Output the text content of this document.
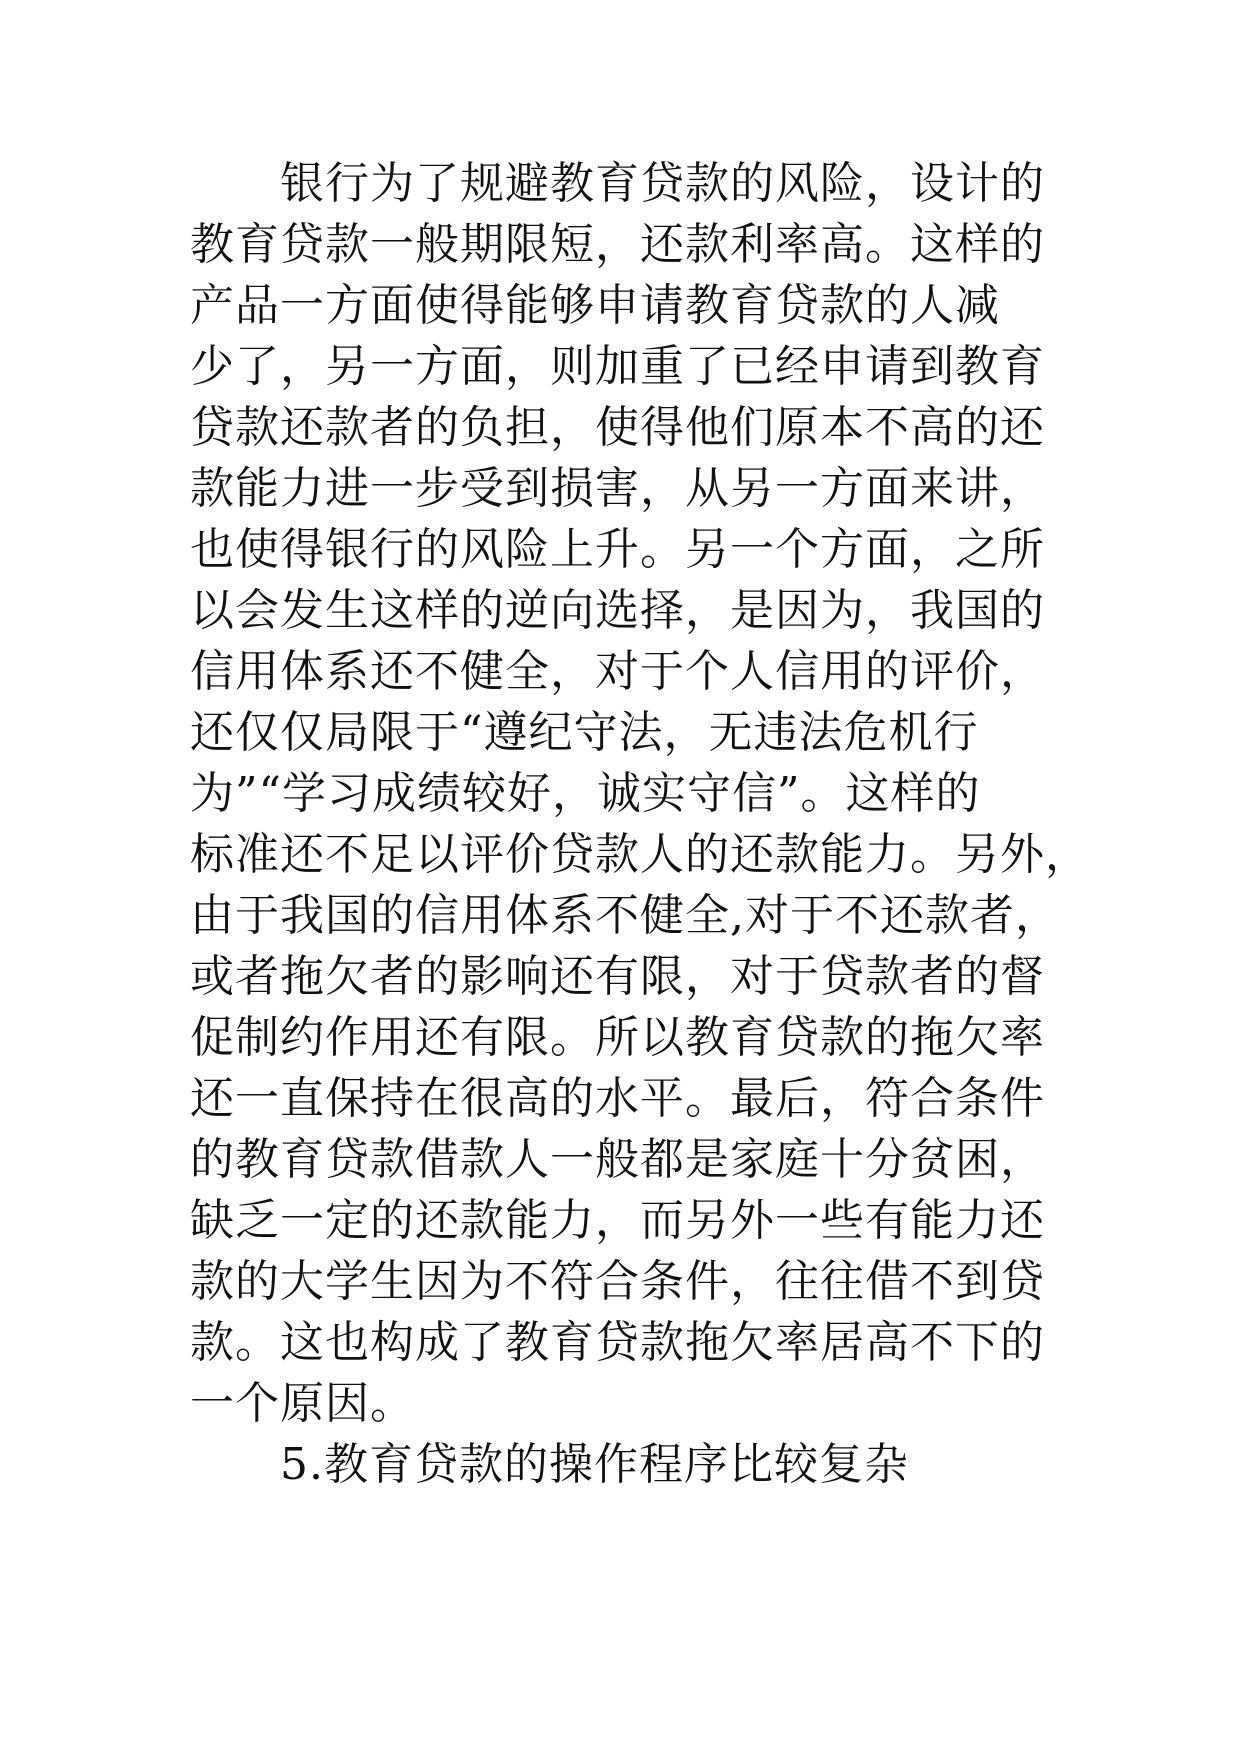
银行为了规避教育贷款的风险，设计的
教育贷款一般期限短，还款利率高。这样的
产品一方面使得能够申请教育贷款的人减
少了，另一方面，则加重了已经申请到教育
贷款还款者的负担，使得他们原本不高的还
款能力进一步受到损害，从另一方面来讲，
也使得银行的风险上升。另一个方面，之所
以会发生这样的逆向选择，是因为，我国的
信用体系还不健全，对于个人信用的评价，
还仅仅局限于“遵纪守法，无违法危机行
为”“学习成绩较好，诚实守信”。这样的
标准还不足以评价贷款人的还款能力。另外，
由于我国的信用体系不健全,对于不还款者，
或者拖欠者的影响还有限，对于贷款者的督
促制约作用还有限。所以教育贷款的拖欠率
还一直保持在很高的水平。最后，符合条件
的教育贷款借款人一般都是家庭十分贫困，
缺乏一定的还款能力，而另外一些有能力还
款的大学生因为不符合条件，往往借不到贷
款。这也构成了教育贷款拖欠率居高不下的
一个原因。
5.教育贷款的操作程序比较复杂
